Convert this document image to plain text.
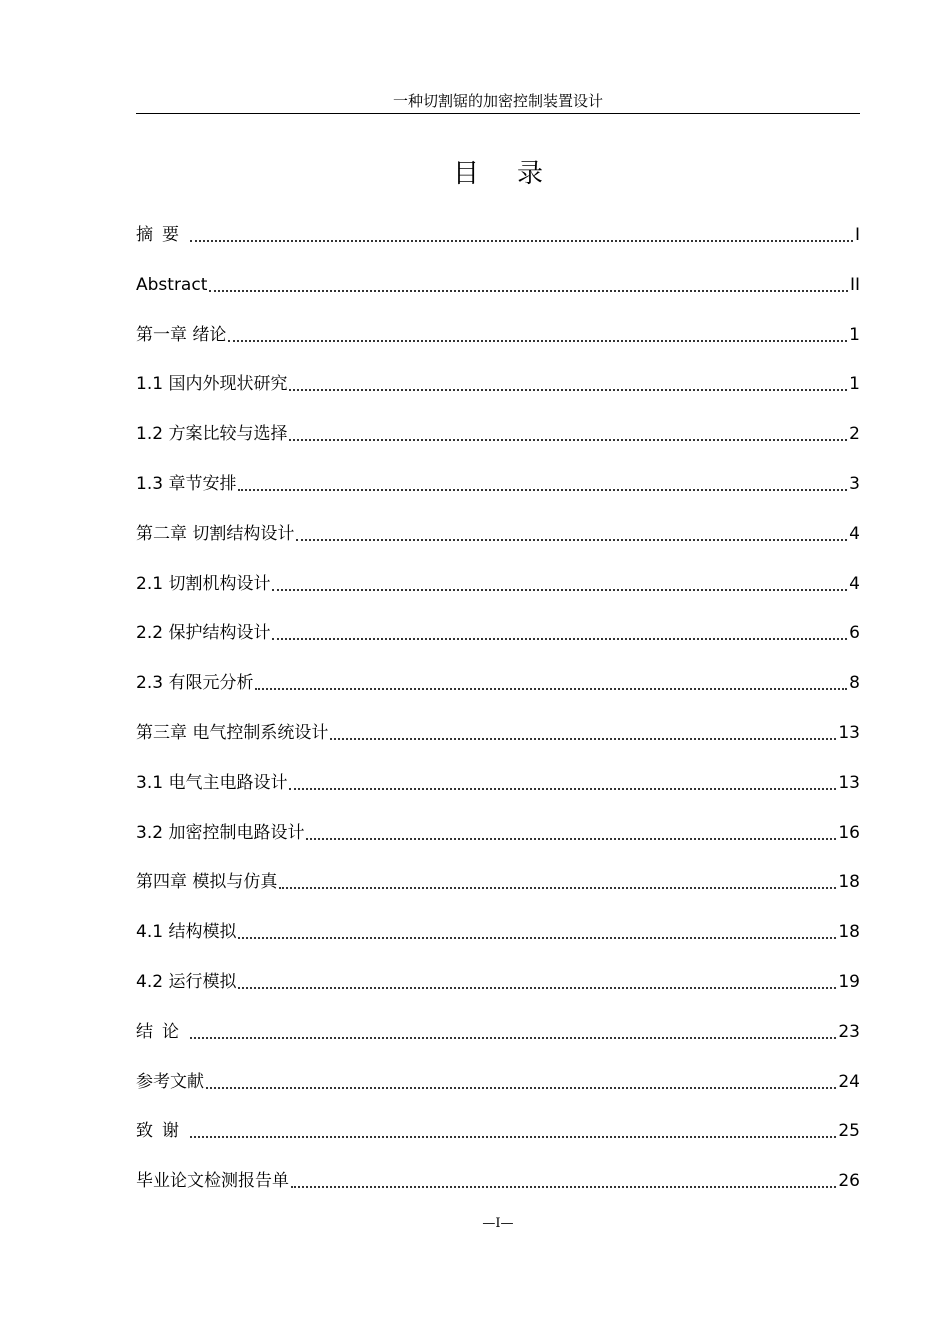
一种切割锯的加密控制装置设计
目录
摘要	I
Abstract	II
第一章 绪论	1
1.1 国内外现状研究	1
1.2 方案比较与选择	2
1.3 章节安排	3
第二章 切割结构设计	4
2.1 切割机构设计	4
2.2 保护结构设计	6
2.3 有限元分析	8
第三章 电气控制系统设计	13
3.1 电气主电路设计	13
3.2 加密控制电路设计	16
第四章 模拟与仿真	18
4.1 结构模拟	18
4.2 运行模拟	19
结论	23
参考文献	24
致谢	25
毕业论文检测报告单	26
—I—
